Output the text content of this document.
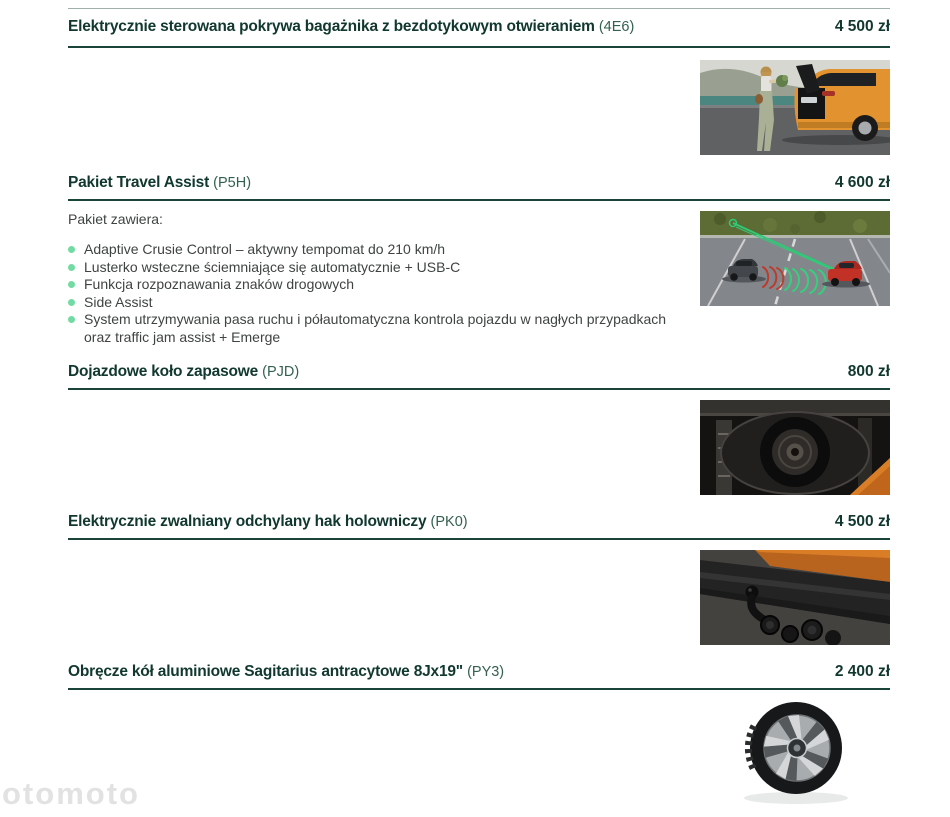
Elektrycznie sterowana pokrywa bagażnika z bezdotykowym otwieraniem (4E6)	4 500 zł
Pakiet Travel Assist (P5H)	4 600 zł

Pakiet zawiera:

Adaptive Crusie Control – aktywny tempomat do 210 km/h
Lusterko wsteczne ściemniające się automatycznie + USB-C
Funkcja rozpoznawania znaków drogowych
Side Assist
System utrzymywania pasa ruchu i półautomatyczna kontrola pojazdu w nagłych przypadkach oraz traffic jam assist + Emerge
Dojazdowe koło zapasowe (PJD)	800 zł
Elektrycznie zwalniany odchylany hak holowniczy (PK0)	4 500 zł
Obręcze kół aluminiowe Sagitarius antracytowe 8Jx19" (PY3)	2 400 zł
otomoto
